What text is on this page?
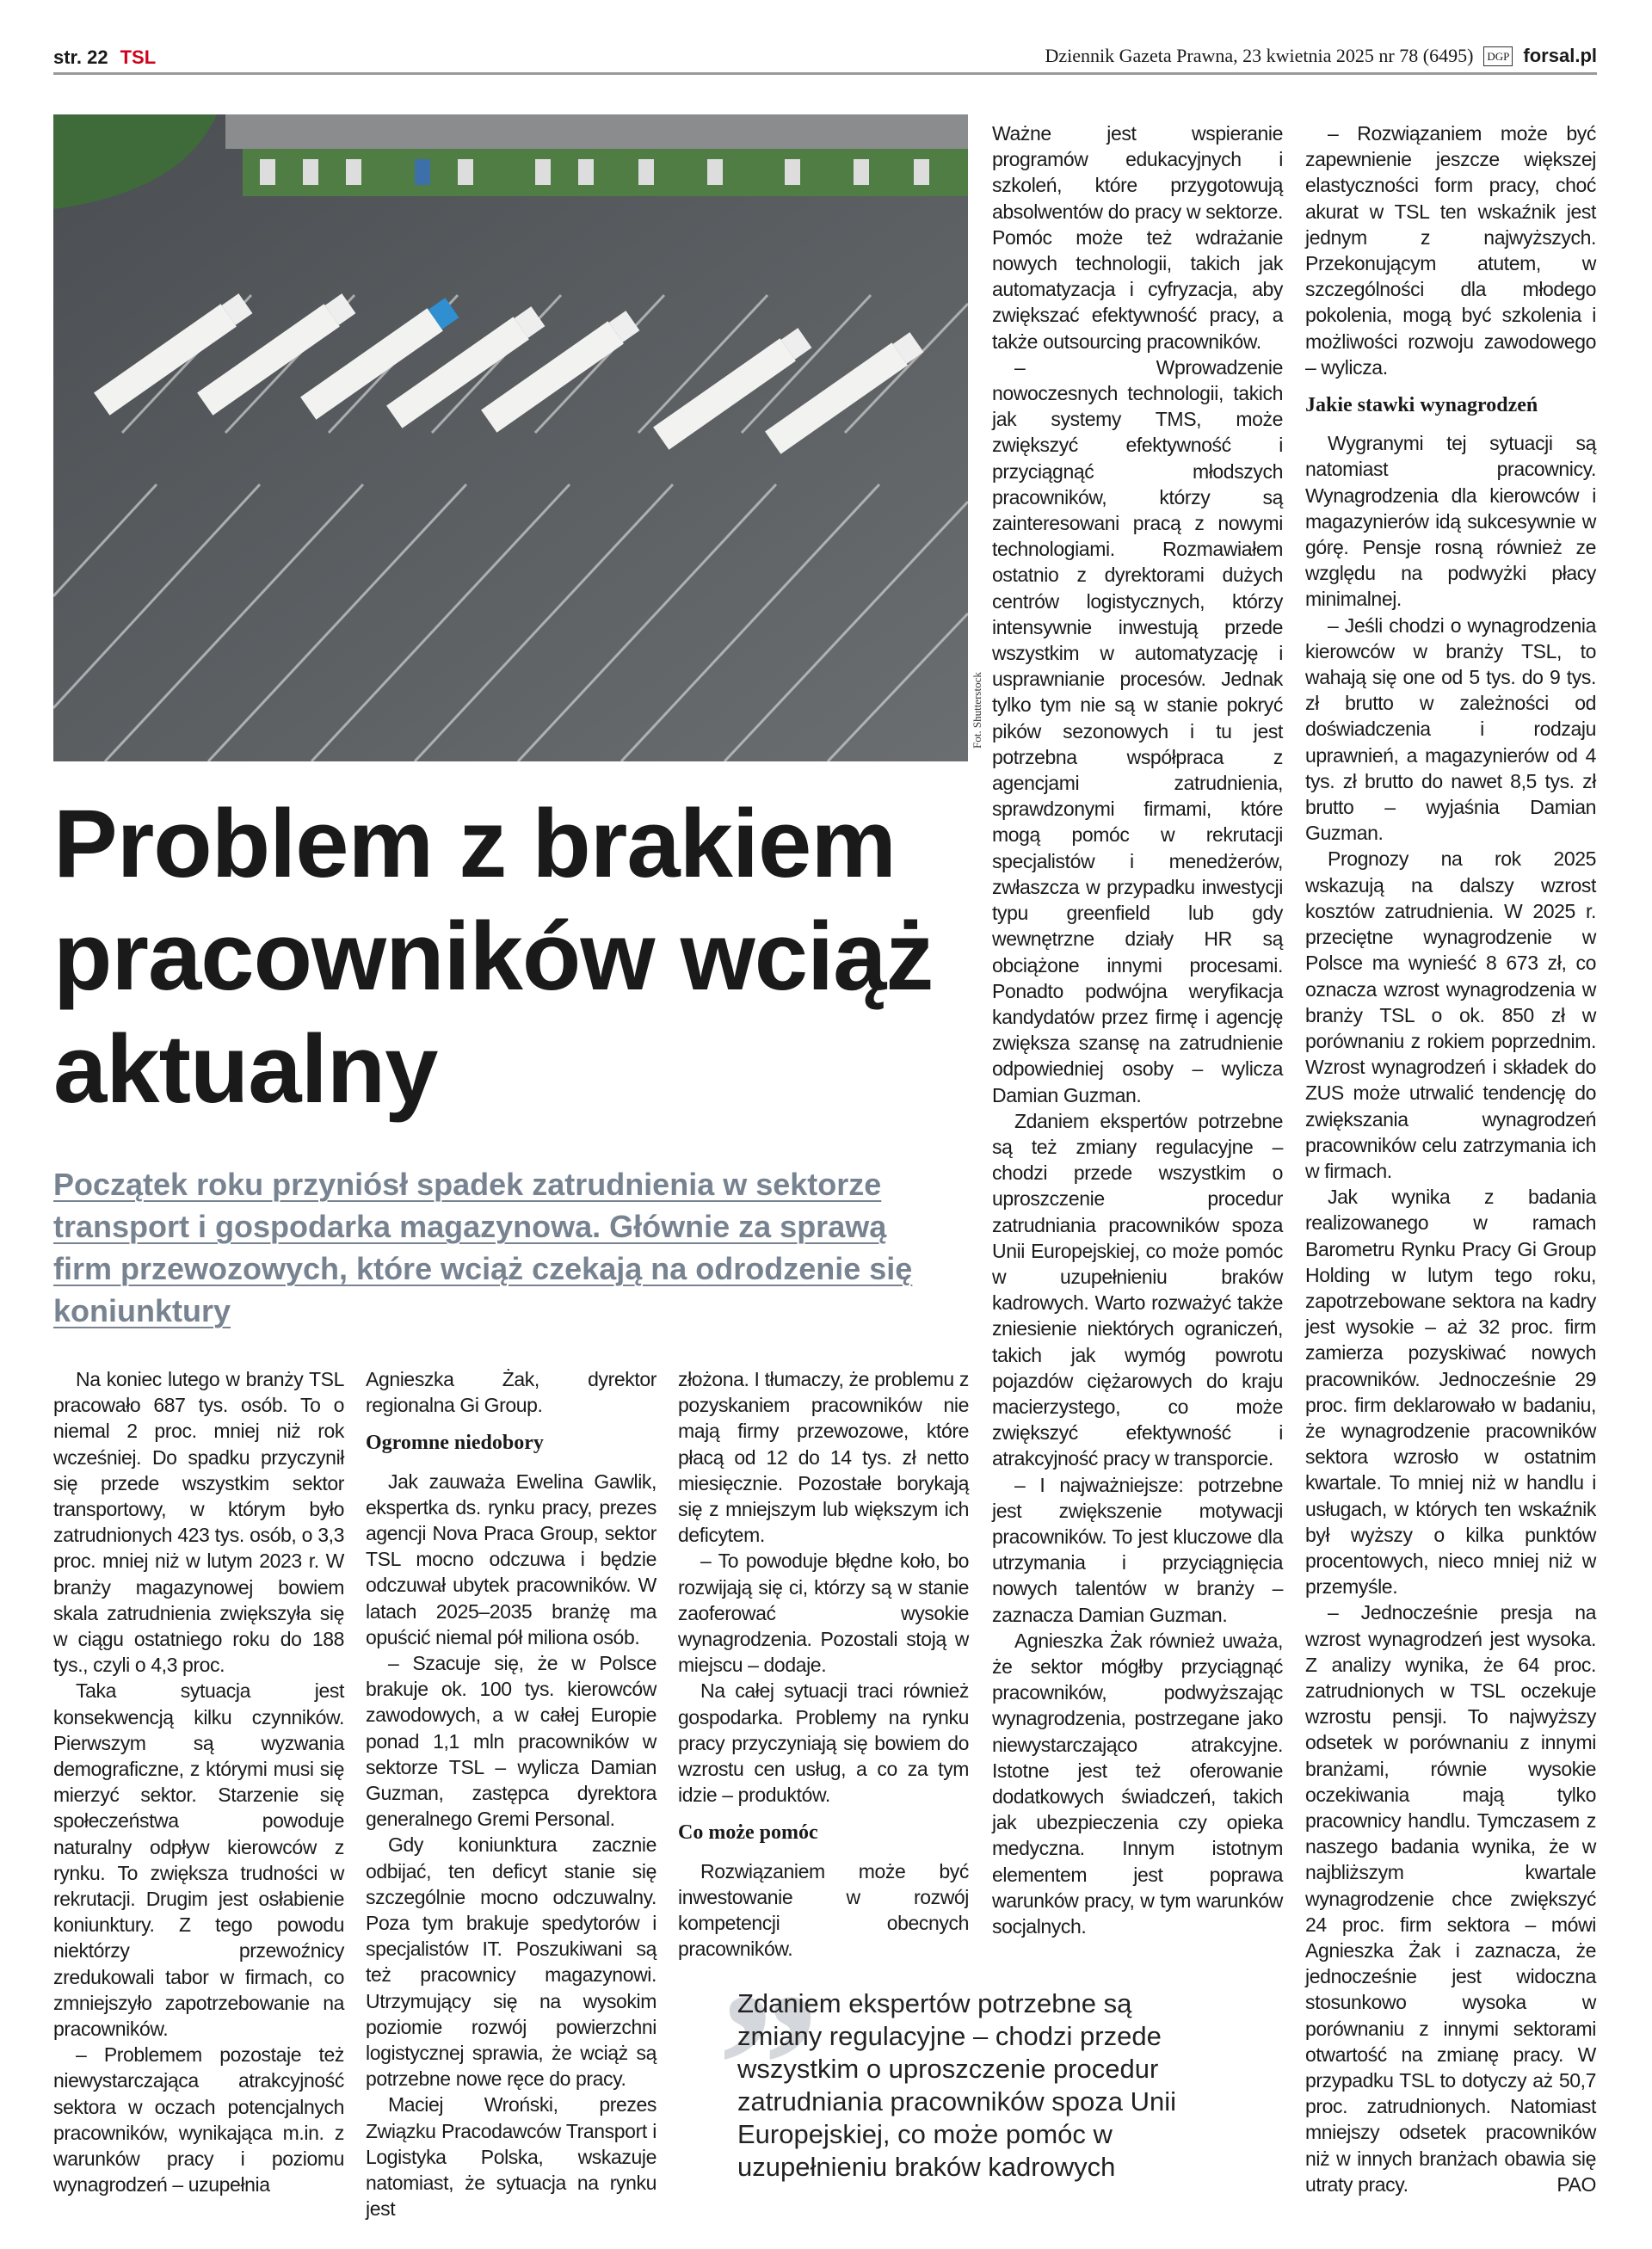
str. 22 TSL	Dziennik Gazeta Prawna, 23 kwietnia 2025 nr 78 (6495)	DGP forsal.pl
Fot. Shutterstock
Problem z brakiem pracowników wciąż aktualny

Początek roku przyniósł spadek zatrudnienia w sektorze transport i gospodarka magazynowa. Głównie za sprawą firm przewozowych, które wciąż czekają na odrodzenie się koniunktury

Na koniec lutego w branży TSL pracowało 687 tys. osób. To o niemal 2 proc. mniej niż rok wcześniej. Do spadku przyczynił się przede wszystkim sektor transportowy, w którym było zatrudnionych 423 tys. osób, o 3,3 proc. mniej niż w lutym 2023 r. W branży magazynowej bowiem skala zatrudnienia zwiększyła się w ciągu ostatniego roku do 188 tys., czyli o 4,3 proc.

Taka sytuacja jest konsekwencją kilku czynników. Pierwszym są wyzwania demograficzne, z którymi musi się mierzyć sektor. Starzenie się społeczeństwa powoduje naturalny odpływ kierowców z rynku. To zwiększa trudności w rekrutacji. Drugim jest osłabienie koniunktury. Z tego powodu niektórzy przewoźnicy zredukowali tabor w firmach, co zmniejszyło zapotrzebowanie na pracowników.

– Problemem pozostaje też niewystarczająca atrakcyjność sektora w oczach potencjalnych pracowników, wynikająca m.in. z warunków pracy i poziomu wynagrodzeń – uzupełnia

Agnieszka Żak, dyrektor regionalna Gi Group.

Ogromne niedobory

Jak zauważa Ewelina Gawlik, ekspertka ds. rynku pracy, prezes agencji Nova Praca Group, sektor TSL mocno odczuwa i będzie odczuwał ubytek pracowników. W latach 2025–2035 branżę ma opuścić niemal pół miliona osób.

– Szacuje się, że w Polsce brakuje ok. 100 tys. kierowców zawodowych, a w całej Europie ponad 1,1 mln pracowników w sektorze TSL – wylicza Damian Guzman, zastępca dyrektora generalnego Gremi Personal.

Gdy koniunktura zacznie odbijać, ten deficyt stanie się szczególnie mocno odczuwalny. Poza tym brakuje spedytorów i specjalistów IT. Poszukiwani są też pracownicy magazynowi. Utrzymujący się na wysokim poziomie rozwój powierzchni logistycznej sprawia, że wciąż są potrzebne nowe ręce do pracy.

Maciej Wroński, prezes Związku Pracodawców Transport i Logistyka Polska, wskazuje natomiast, że sytuacja na rynku jest

złożona. I tłumaczy, że problemu z pozyskaniem pracowników nie mają firmy przewozowe, które płacą od 12 do 14 tys. zł netto miesięcznie. Pozostałe borykają się z mniejszym lub większym ich deficytem.

– To powoduje błędne koło, bo rozwijają się ci, którzy są w stanie zaoferować wysokie wynagrodzenia. Pozostali stoją w miejscu – dodaje.

Na całej sytuacji traci również gospodarka. Problemy na rynku pracy przyczyniają się bowiem do wzrostu cen usług, a co za tym idzie – produktów.

Co może pomóc

Rozwiązaniem może być inwestowanie w rozwój kompetencji obecnych pracowników.

Ważne jest wspieranie programów edukacyjnych i szkoleń, które przygotowują absolwentów do pracy w sektorze. Pomóc może też wdrażanie nowych technologii, takich jak automatyzacja i cyfryzacja, aby zwiększać efektywność pracy, a także outsourcing pracowników.

– Wprowadzenie nowoczesnych technologii, takich jak systemy TMS, może zwiększyć efektywność i przyciągnąć młodszych pracowników, którzy są zainteresowani pracą z nowymi technologiami. Rozmawiałem ostatnio z dyrektorami dużych centrów logistycznych, którzy intensywnie inwestują przede wszystkim w automatyzację i usprawnianie procesów. Jednak tylko tym nie są w stanie pokryć pików sezonowych i tu jest potrzebna współpraca z agencjami zatrudnienia, sprawdzonymi firmami, które mogą pomóc w rekrutacji specjalistów i menedżerów, zwłaszcza w przypadku inwestycji typu greenfield lub gdy wewnętrzne działy HR są obciążone innymi procesami. Ponadto podwójna weryfikacja kandydatów przez firmę i agencję zwiększa szansę na zatrudnienie odpowiedniej osoby – wylicza Damian Guzman.

Zdaniem ekspertów potrzebne są też zmiany regulacyjne – chodzi przede wszystkim o uproszczenie procedur zatrudniania pracowników spoza Unii Europejskiej, co może pomóc w uzupełnieniu braków kadrowych. Warto rozważyć także zniesienie niektórych ograniczeń, takich jak wymóg powrotu pojazdów ciężarowych do kraju macierzystego, co może zwiększyć efektywność i atrakcyjność pracy w transporcie.

– I najważniejsze: potrzebne jest zwiększenie motywacji pracowników. To jest kluczowe dla utrzymania i przyciągnięcia nowych talentów w branży – zaznacza Damian Guzman.

Agnieszka Żak również uważa, że sektor mógłby przyciągnąć pracowników, podwyższając wynagrodzenia, postrzegane jako niewystarczająco atrakcyjne. Istotne jest też oferowanie dodatkowych świadczeń, takich jak ubezpieczenia czy opieka medyczna. Innym istotnym elementem jest poprawa warunków pracy, w tym warunków socjalnych.

– Rozwiązaniem może być zapewnienie jeszcze większej elastyczności form pracy, choć akurat w TSL ten wskaźnik jest jednym z najwyższych. Przekonującym atutem, w szczególności dla młodego pokolenia, mogą być szkolenia i możliwości rozwoju zawodowego – wylicza.

Jakie stawki wynagrodzeń

Wygranymi tej sytuacji są natomiast pracownicy. Wynagrodzenia dla kierowców i magazynierów idą sukcesywnie w górę. Pensje rosną również ze względu na podwyżki płacy minimalnej.

– Jeśli chodzi o wynagrodzenia kierowców w branży TSL, to wahają się one od 5 tys. do 9 tys. zł brutto w zależności od doświadczenia i rodzaju uprawnień, a magazynierów od 4 tys. zł brutto do nawet 8,5 tys. zł brutto – wyjaśnia Damian Guzman.

Prognozy na rok 2025 wskazują na dalszy wzrost kosztów zatrudnienia. W 2025 r. przeciętne wynagrodzenie w Polsce ma wynieść 8 673 zł, co oznacza wzrost wynagrodzenia w branży TSL o ok. 850 zł w porównaniu z rokiem poprzednim. Wzrost wynagrodzeń i składek do ZUS może utrwalić tendencję do zwiększania wynagrodzeń pracowników celu zatrzymania ich w firmach.

Jak wynika z badania realizowanego w ramach Barometru Rynku Pracy Gi Group Holding w lutym tego roku, zapotrzebowane sektora na kadry jest wysokie – aż 32 proc. firm zamierza pozyskiwać nowych pracowników. Jednocześnie 29 proc. firm deklarowało w badaniu, że wynagrodzenie pracowników sektora wzrosło w ostatnim kwartale. To mniej niż w handlu i usługach, w których ten wskaźnik był wyższy o kilka punktów procentowych, nieco mniej niż w przemyśle.

– Jednocześnie presja na wzrost wynagrodzeń jest wysoka. Z analizy wynika, że 64 proc. zatrudnionych w TSL oczekuje wzrostu pensji. To najwyższy odsetek w porównaniu z innymi branżami, równie wysokie oczekiwania mają tylko pracownicy handlu. Tymczasem z naszego badania wynika, że w najbliższym kwartale wynagrodzenie chce zwiększyć 24 proc. firm sektora – mówi Agnieszka Żak i zaznacza, że jednocześnie jest widoczna stosunkowo wysoka w porównaniu z innymi sektorami otwartość na zmianę pracy. W przypadku TSL to dotyczy aż 50,7 proc. zatrudnionych. Natomiast mniejszy odsetek pracowników niż w innych branżach obawia się utraty pracy.	PAO

”

Zdaniem ekspertów potrzebne są zmiany regulacyjne – chodzi przede wszystkim o uproszczenie procedur zatrudniania pracowników spoza Unii Europejskiej, co może pomóc w uzupełnieniu braków kadrowych
